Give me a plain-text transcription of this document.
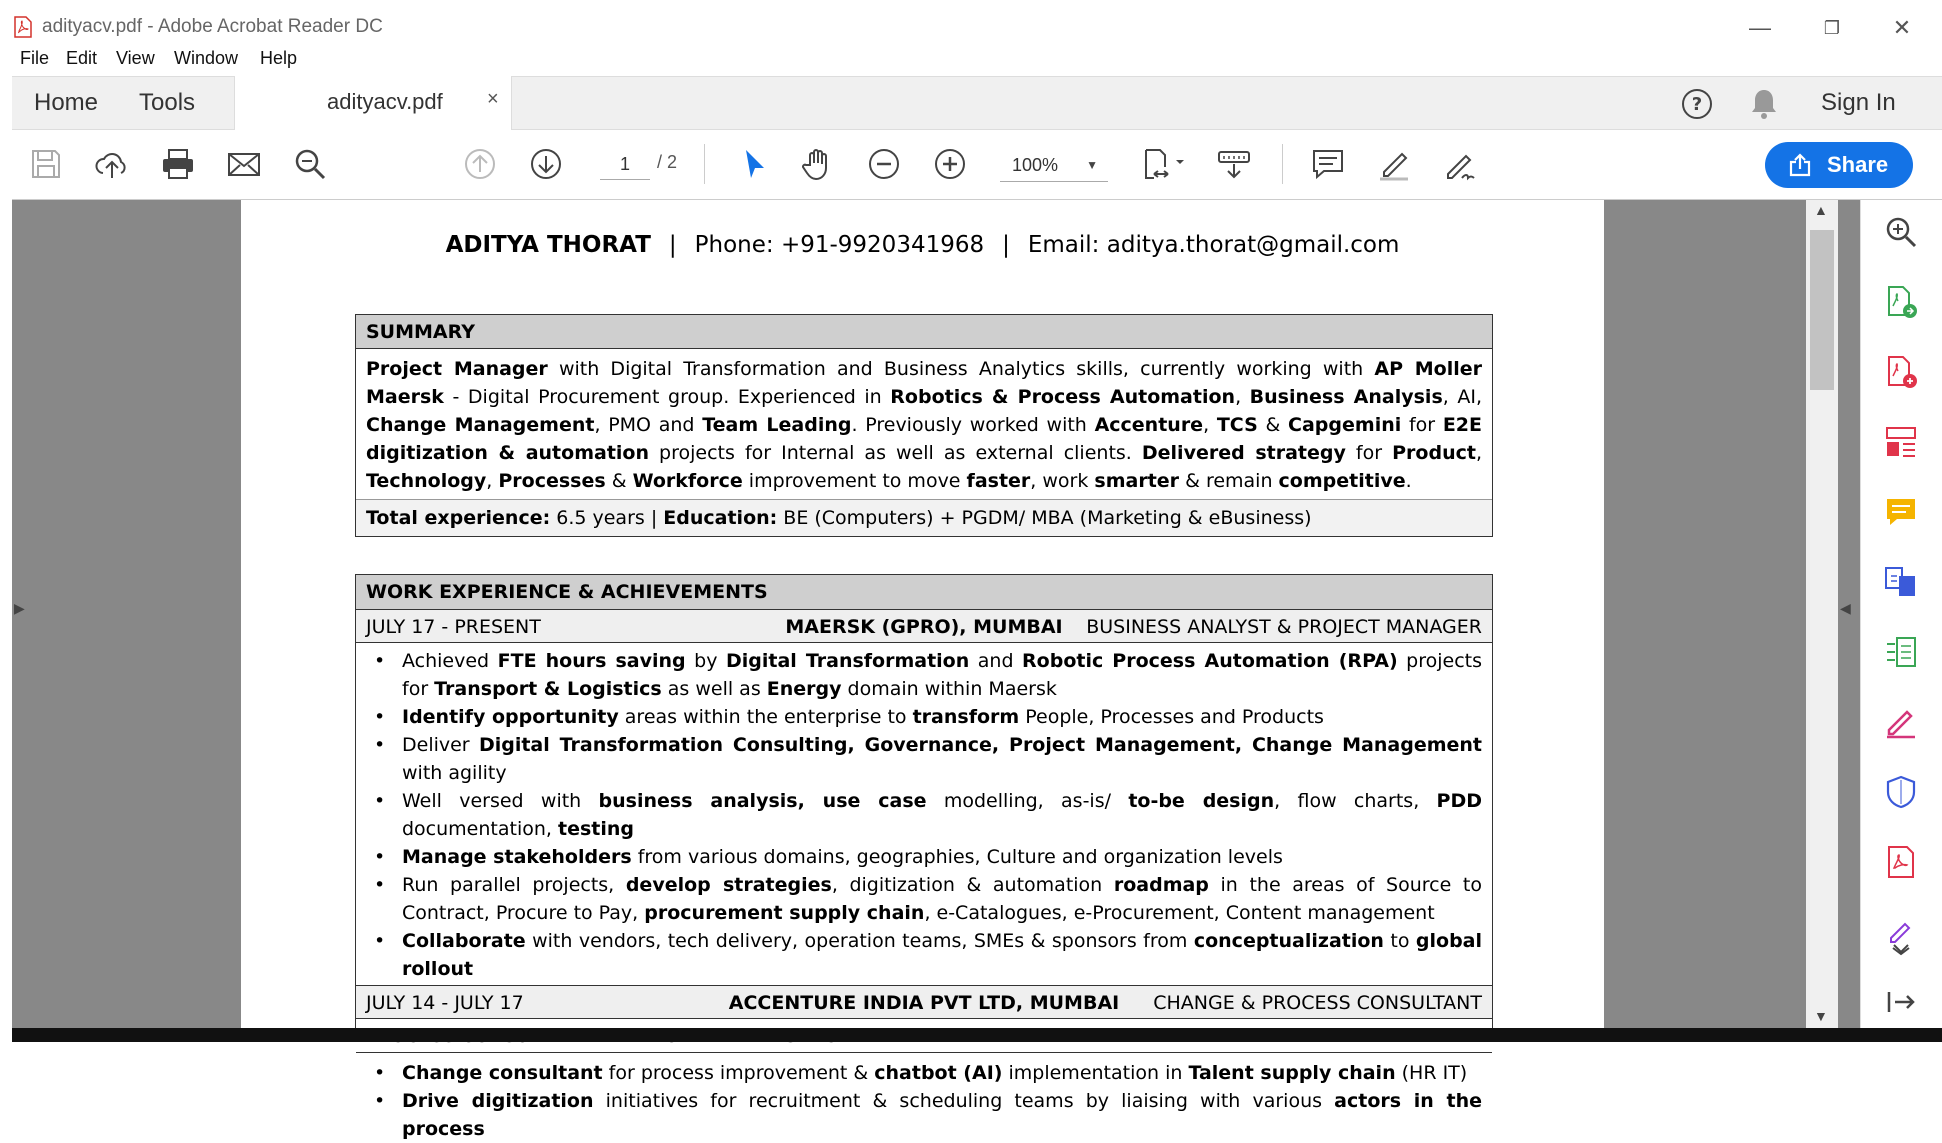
adityacv.pdf - Adobe Acrobat Reader DC	—	❐ ✕
File Edit View Window Help
Home Tools	adityacv.pdf ×	?	Sign In
1	/ 2	100% ▼	Share
▶
ADITYA THORAT | Phone: +91-9920341968 | Email: aditya.thorat@gmail.com
SUMMARY
Project Manager with Digital Transformation and Business Analytics skills, currently working with AP Moller Maersk - Digital Procurement group. Experienced in Robotics & Process Automation, Business Analysis, AI, Change Management, PMO and Team Leading. Previously worked with Accenture, TCS & Capgemini for E2E digitization & automation projects for Internal as well as external clients. Delivered strategy for Product, Technology, Processes & Workforce improvement to move faster, work smarter & remain competitive.
Total experience: 6.5 years | Education: BE (Computers) + PGDM/ MBA (Marketing & eBusiness)
WORK EXPERIENCE & ACHIEVEMENTS
JULY 17 - PRESENT	MAERSK (GPRO), MUMBAI	BUSINESS ANALYST & PROJECT MANAGER
• Achieved FTE hours saving by Digital Transformation and Robotic Process Automation (RPA) projects for Transport & Logistics as well as Energy domain within Maersk
• Identify opportunity areas within the enterprise to transform People, Processes and Products
• Deliver Digital Transformation Consulting, Governance, Project Management, Change Management with agility
• Well versed with business analysis, use case modelling, as-is/ to-be design, flow charts, PDD documentation, testing
• Manage stakeholders from various domains, geographies, Culture and organization levels
• Run parallel projects, develop strategies, digitization & automation roadmap in the areas of Source to Contract, Procure to Pay, procurement supply chain, e-Catalogues, e-Procurement, Content management
• Collaborate with vendors, tech delivery, operation teams, SMEs & sponsors from conceptualization to global rollout
JULY 14 - JULY 17	ACCENTURE INDIA PVT LTD, MUMBAI	CHANGE & PROCESS CONSULTANT
• Change consultant for process improvement & chatbot (AI) implementation in Talent supply chain (HR IT)
• Drive digitization initiatives for recruitment & scheduling teams by liaising with various actors in the process
▲
▼
◀
